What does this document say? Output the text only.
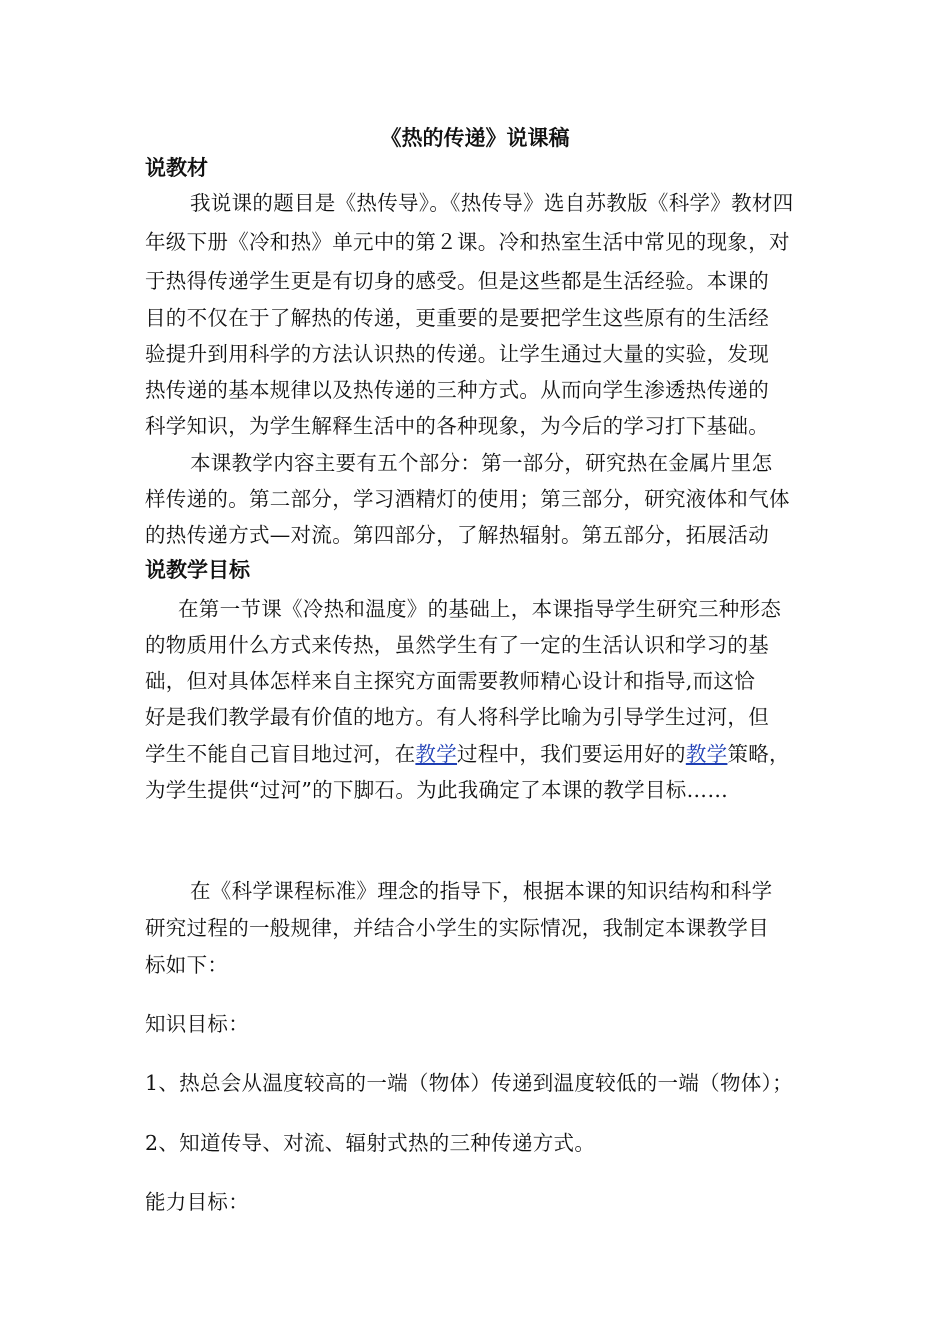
《热的传递》说课稿
说教材
我说课的题目是《热传导》。《热传导》选自苏教版《科学》教材四
年级下册《冷和热》单元中的第２课。冷和热室生活中常见的现象，对
于热得传递学生更是有切身的感受。但是这些都是生活经验。本课的
目的不仅在于了解热的传递，更重要的是要把学生这些原有的生活经
验提升到用科学的方法认识热的传递。让学生通过大量的实验，发现
热传递的基本规律以及热传递的三种方式。从而向学生渗透热传递的
科学知识，为学生解释生活中的各种现象，为今后的学习打下基础。
本课教学内容主要有五个部分：第一部分，研究热在金属片里怎
样传递的。第二部分，学习酒精灯的使用；第三部分，研究液体和气体
的热传递方式—对流。第四部分，了解热辐射。第五部分，拓展活动
说教学目标
在第一节课《冷热和温度》的基础上，本课指导学生研究三种形态
的物质用什么方式来传热，虽然学生有了一定的生活认识和学习的基
础，但对具体怎样来自主探究方面需要教师精心设计和指导,而这恰
好是我们教学最有价值的地方。有人将科学比喻为引导学生过河，但
学生不能自己盲目地过河，在教学过程中，我们要运用好的教学策略，
为学生提供“过河”的下脚石。为此我确定了本课的教学目标……
在《科学课程标准》理念的指导下，根据本课的知识结构和科学
研究过程的一般规律，并结合小学生的实际情况，我制定本课教学目
标如下：
知识目标：
1、热总会从温度较高的一端（物体）传递到温度较低的一端（物体）；
2、知道传导、对流、辐射式热的三种传递方式。
能力目标：
